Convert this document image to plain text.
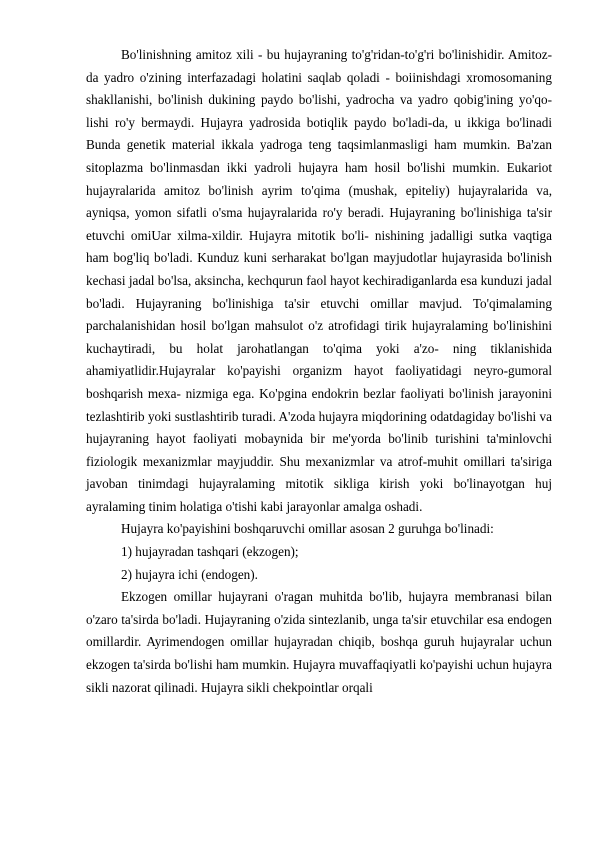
Bo'linishning amitoz xili - bu hujayraning to'g'ridan-to'g'ri bo'linishidir. Amitoz- da yadro o'zining interfazadagi holatini saqlab qoladi - boiinishdagi xromosomaning shakllanishi, bo'linish dukining paydo bo'lishi, yadrocha va yadro qobig'ining yo'qo- lishi ro'y bermaydi. Hujayra yadrosida botiqlik paydo bo'ladi-da, u ikkiga bo'linadi Bunda genetik material ikkala yadroga teng taqsimlanmasligi ham mumkin. Ba'zan sitoplazma bo'linmasdan ikki yadroli hujayra ham hosil bo'lishi mumkin. Eukariot hujayralarida amitoz bo'linish ayrim to'qima (mushak, epiteliy) hujayralarida va, ayniqsa, yomon sifatli o'sma hujayralarida ro'y beradi. Hujayraning bo'linishiga ta'sir etuvchi omiUar xilma-xildir. Hujayra mitotik bo'li- nishining jadalligi sutka vaqtiga ham bog'liq bo'ladi. Kunduz kuni serharakat bo'lgan mayjudotlar hujayrasida bo'linish kechasi jadal bo'lsa, aksincha, kechqurun faol hayot kechiradiganlarda esa kunduzi jadal bo'ladi. Hujayraning bo'linishiga ta'sir etuvchi omillar mavjud. To'qimalaming parchalanishidan hosil bo'lgan mahsulot o'z atrofidagi tirik hujayralaming bo'linishini kuchaytiradi, bu holat jarohatlangan to'qima yoki a'zo- ning tiklanishida ahamiyatlidir.Hujayralar ko'payishi organizm hayot faoliyatidagi neyro-gumoral boshqarish mexa- nizmiga ega. Ko'pgina endokrin bezlar faoliyati bo'linish jarayonini tezlashtirib yoki sustlashtirib turadi. A'zoda hujayra miqdorining odatdagiday bo'lishi va hujayraning hayot faoliyati mobaynida bir me'yorda bo'linib turishini ta'minlovchi fiziologik mexanizmlar mayjuddir. Shu mexanizmlar va atrof-muhit omillari ta'siriga javoban tinimdagi hujayralaming mitotik sikliga kirish yoki bo'linayotgan huj ayralaming tinim holatiga o'tishi kabi jarayonlar amalga oshadi.

Hujayra ko'payishini boshqaruvchi omillar asosan 2 guruhga bo'linadi:

1) hujayradan tashqari (ekzogen);

2) hujayra ichi (endogen).

Ekzogen omillar hujayrani o'ragan muhitda bo'lib, hujayra membranasi bilan o'zaro ta'sirda bo'ladi. Hujayraning o'zida sintezlanib, unga ta'sir etuvchilar esa endogen omillardir. Ayrimendogen omillar hujayradan chiqib, boshqa guruh hujayralar uchun ekzogen ta'sirda bo'lishi ham mumkin. Hujayra muvaffaqiyatli ko'payishi uchun hujayra sikli nazorat qilinadi. Hujayra sikli chekpointlar orqali
